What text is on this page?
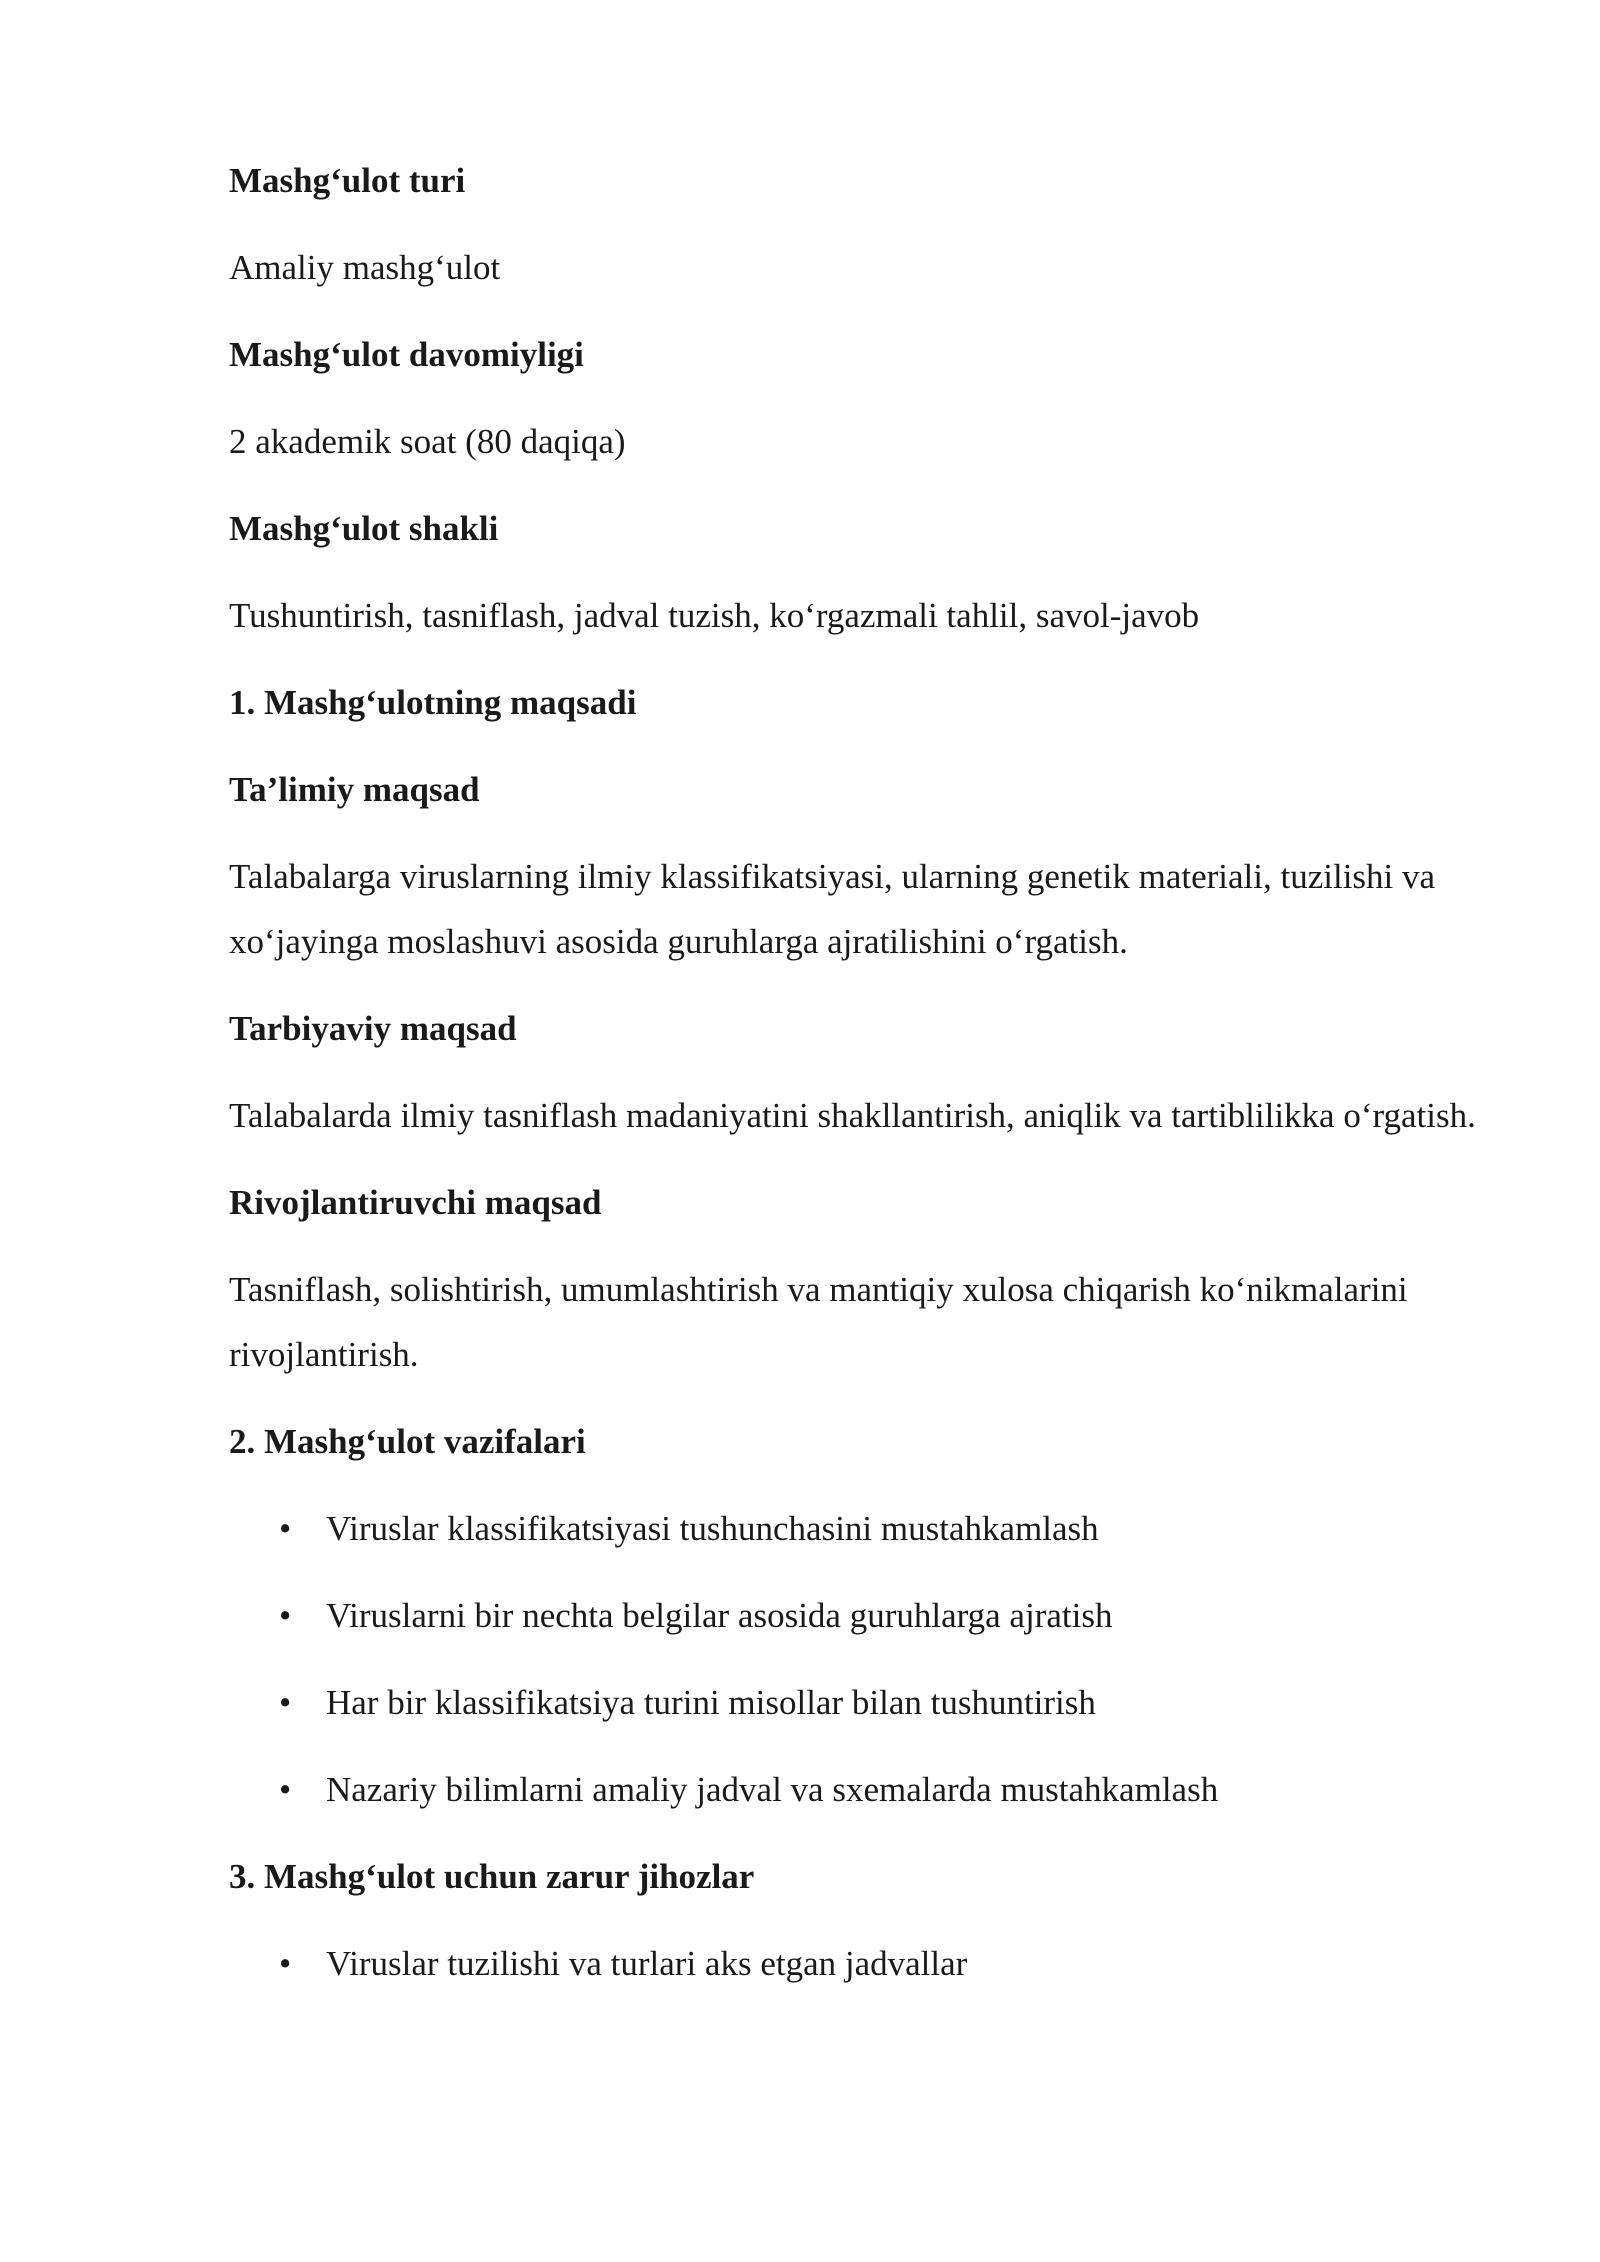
Mashg‘ulot turi
Amaliy mashg‘ulot
Mashg‘ulot davomiyligi
2 akademik soat (80 daqiqa)
Mashg‘ulot shakli
Tushuntirish, tasniflash, jadval tuzish, ko‘rgazmali tahlil, savol-javob
1. Mashg‘ulotning maqsadi
Ta’limiy maqsad
Talabalarga viruslarning ilmiy klassifikatsiyasi, ularning genetik materiali, tuzilishi va xo‘jayinga moslashuvi asosida guruhlarga ajratilishini o‘rgatish.
Tarbiyaviy maqsad
Talabalarda ilmiy tasniflash madaniyatini shakllantirish, aniqlik va tartiblilikka o‘rgatish.
Rivojlantiruvchi maqsad
Tasniflash, solishtirish, umumlashtirish va mantiqiy xulosa chiqarish ko‘nikmalarini rivojlantirish.
2. Mashg‘ulot vazifalari
• Viruslar klassifikatsiyasi tushunchasini mustahkamlash
• Viruslarni bir nechta belgilar asosida guruhlarga ajratish
• Har bir klassifikatsiya turini misollar bilan tushuntirish
• Nazariy bilimlarni amaliy jadval va sxemalarda mustahkamlash
3. Mashg‘ulot uchun zarur jihozlar
• Viruslar tuzilishi va turlari aks etgan jadvallar
